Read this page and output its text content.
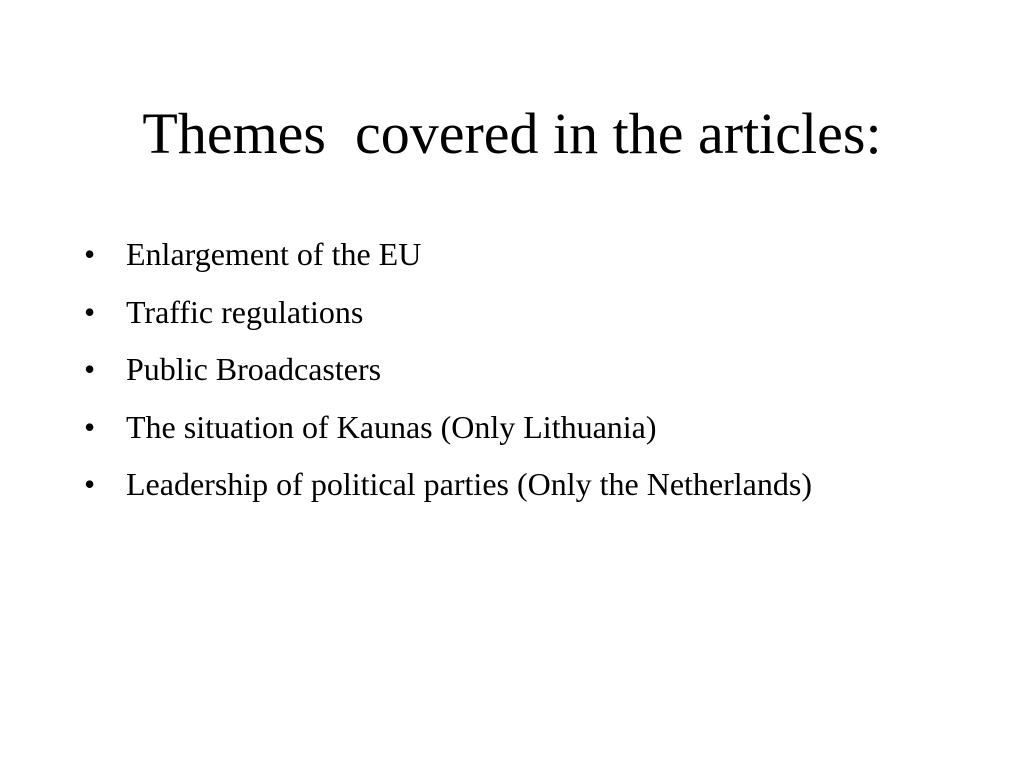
Themes  covered in the articles:
• Enlargement of the EU
• Traffic regulations
• Public Broadcasters
• The situation of Kaunas (Only Lithuania)
• Leadership of political parties (Only the Netherlands)
